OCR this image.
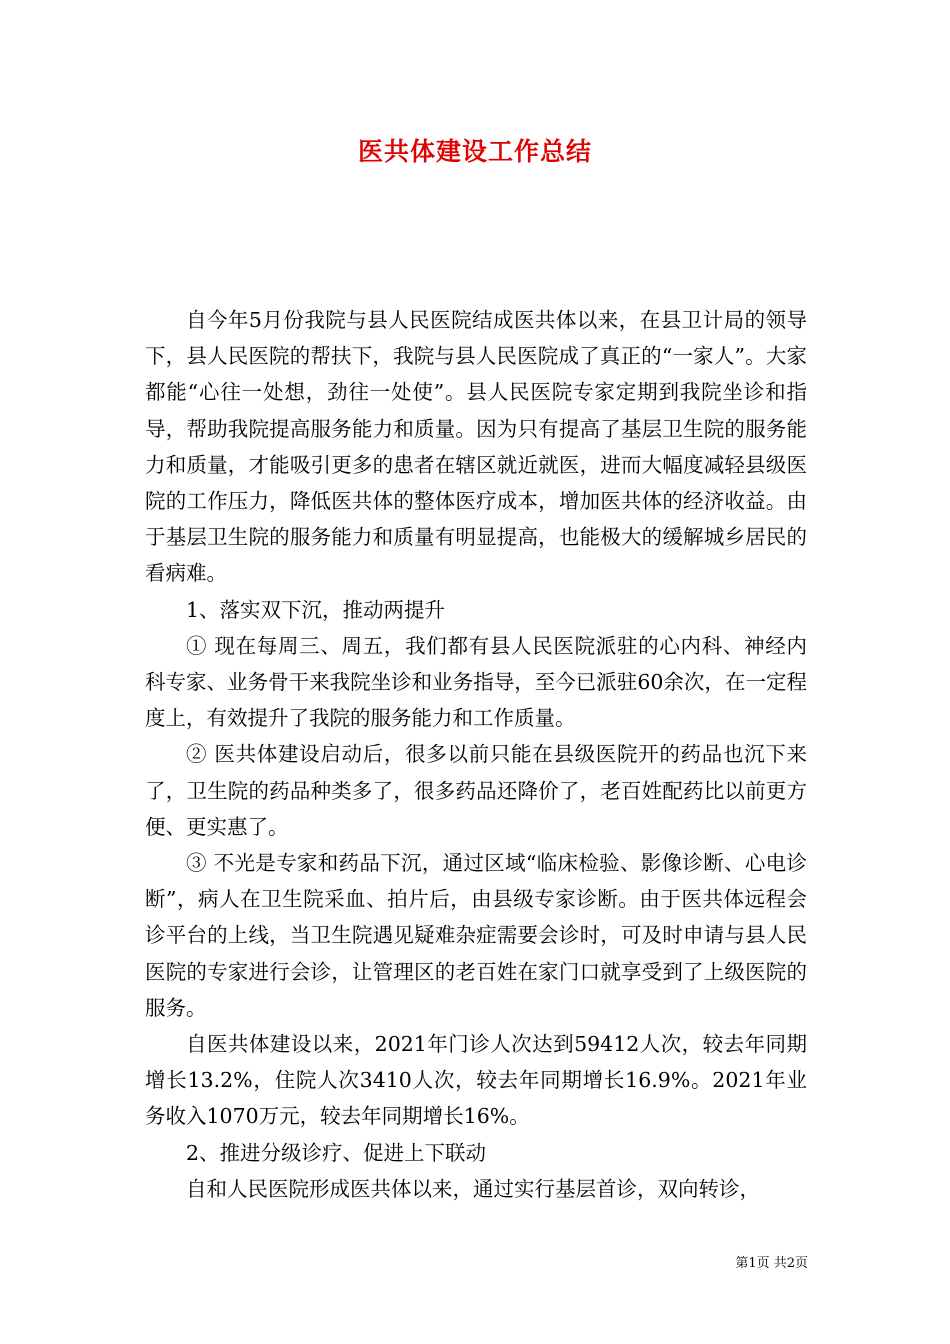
医共体建设工作总结

自今年5月份我院与县人民医院结成医共体以来，在县卫计局的领导下，县人民医院的帮扶下，我院与县人民医院成了真正的“一家人”。大家都能“心往一处想，劲往一处使”。县人民医院专家定期到我院坐诊和指导，帮助我院提高服务能力和质量。因为只有提高了基层卫生院的服务能力和质量，才能吸引更多的患者在辖区就近就医，进而大幅度减轻县级医院的工作压力，降低医共体的整体医疗成本，增加医共体的经济收益。由于基层卫生院的服务能力和质量有明显提高，也能极大的缓解城乡居民的看病难。

1、落实双下沉，推动两提升

① 现在每周三、周五，我们都有县人民医院派驻的心内科、神经内科专家、业务骨干来我院坐诊和业务指导，至今已派驻60余次，在一定程度上，有效提升了我院的服务能力和工作质量。

② 医共体建设启动后，很多以前只能在县级医院开的药品也沉下来了，卫生院的药品种类多了，很多药品还降价了，老百姓配药比以前更方便、更实惠了。

③ 不光是专家和药品下沉，通过区域“临床检验、影像诊断、心电诊断”，病人在卫生院采血、拍片后，由县级专家诊断。由于医共体远程会诊平台的上线，当卫生院遇见疑难杂症需要会诊时，可及时申请与县人民医院的专家进行会诊，让管理区的老百姓在家门口就享受到了上级医院的服务。

自医共体建设以来，2021年门诊人次达到59412人次，较去年同期增长13.2%，住院人次3410人次，较去年同期增长16.9%。2021年业务收入1070万元，较去年同期增长16%。

2、推进分级诊疗、促进上下联动

自和人民医院形成医共体以来，通过实行基层首诊，双向转诊，

第1页 共2页
